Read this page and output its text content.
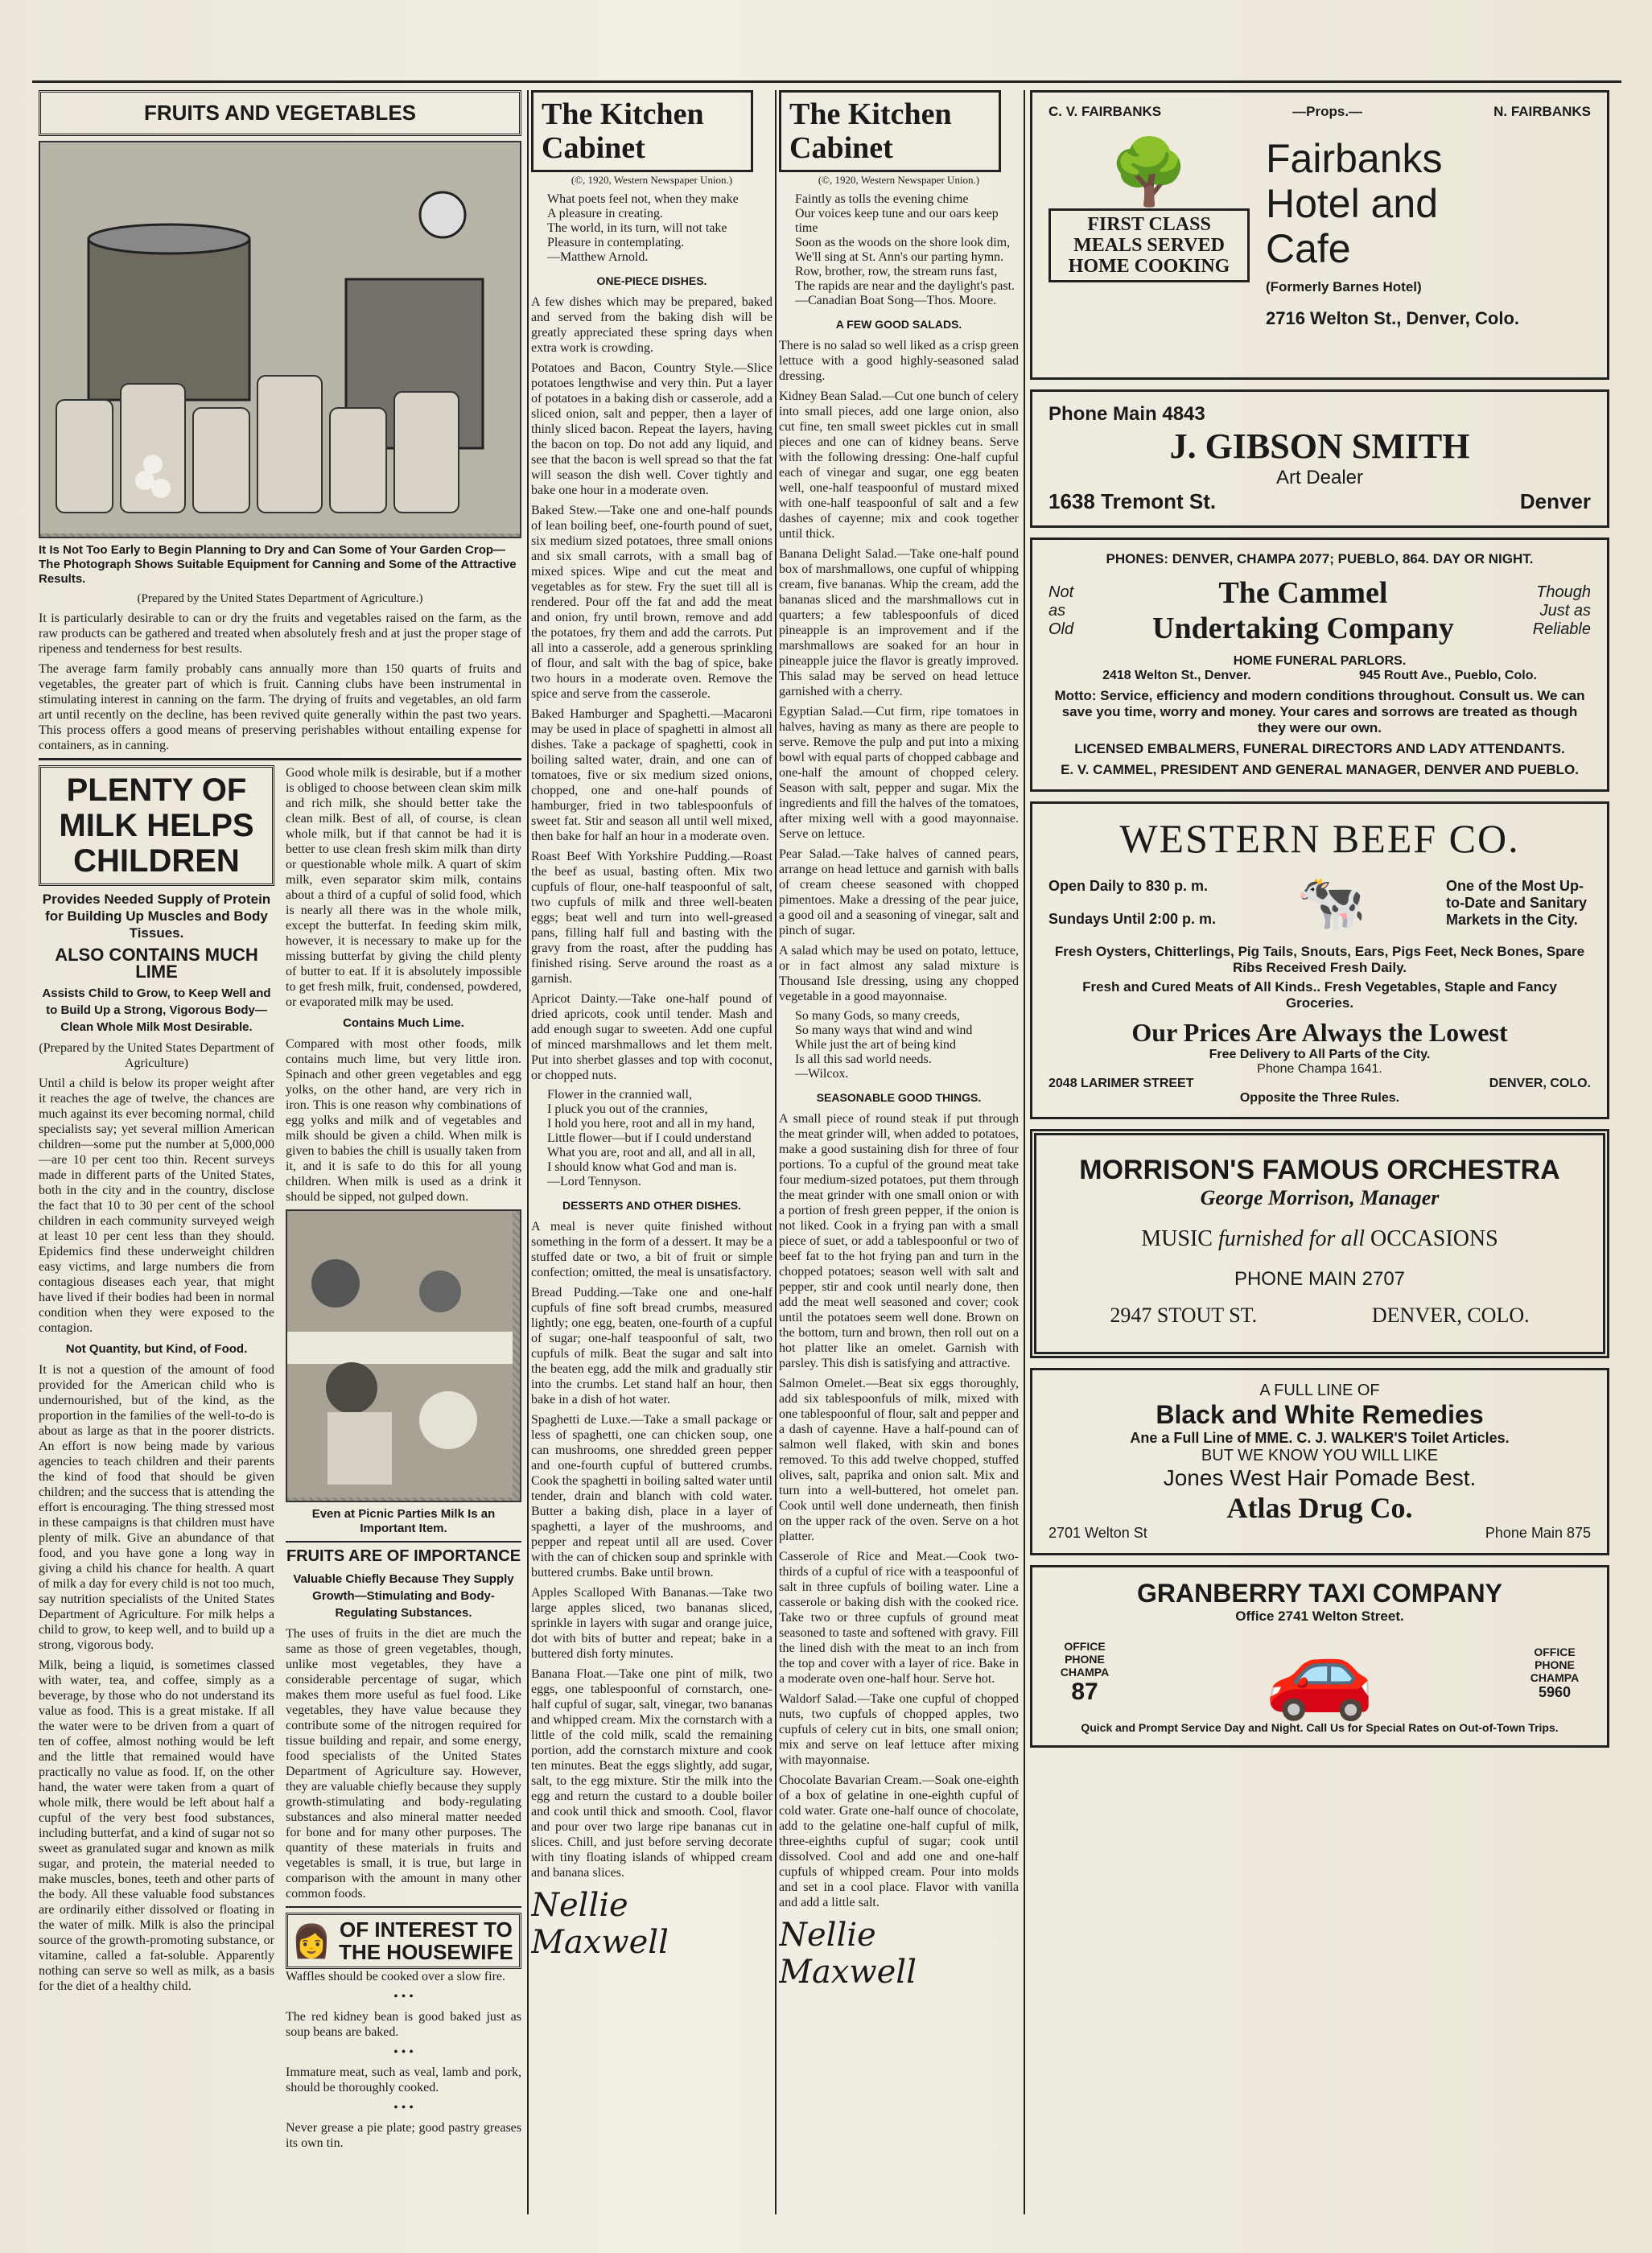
FRUITS AND VEGETABLES
It Is Not Too Early to Begin Planning to Dry and Can Some of Your Garden Crop—The Photograph Shows Suitable Equipment for Canning and Some of the Attractive Results.
(Prepared by the United States Department of Agriculture.)

It is particularly desirable to can or dry the fruits and vegetables raised on the farm, as the raw products can be gathered and treated when absolutely fresh and at just the proper stage of ripeness and tenderness for best results.

The average farm family probably cans annually more than 150 quarts of fruits and vegetables, the greater part of which is fruit. Canning clubs have been instrumental in stimulating interest in canning on the farm. The drying of fruits and vegetables, an old farm art until recently on the decline, has been revived quite generally within the past two years. This process offers a good means of preserving perishables without entailing expense for containers, as in canning.

PLENTY OF MILK HELPS CHILDREN
Provides Needed Supply of Protein for Building Up Muscles and Body Tissues.
ALSO CONTAINS MUCH LIME
Assists Child to Grow, to Keep Well and to Build Up a Strong, Vigorous Body—Clean Whole Milk Most Desirable.

(Prepared by the United States Department of Agriculture)

Until a child is below its proper weight after it reaches the age of twelve, the chances are much against its ever becoming normal, child specialists say; yet several million American children—some put the number at 5,000,000—are 10 per cent too thin. Recent surveys made in different parts of the United States, both in the city and in the country, disclose the fact that 10 to 30 per cent of the school children in each community surveyed weigh at least 10 per cent less than they should. Epidemics find these underweight children easy victims, and large numbers die from contagious diseases each year, that might have lived if their bodies had been in normal condition when they were exposed to the contagion.

Not Quantity, but Kind, of Food.

It is not a question of the amount of food provided for the American child who is undernourished, but of the kind, as the proportion in the families of the well-to-do is about as large as that in the poorer districts. An effort is now being made by various agencies to teach children and their parents the kind of food that should be given children; and the success that is attending the effort is encouraging. The thing stressed most in these campaigns is that children must have plenty of milk. Give an abundance of that food, and you have gone a long way in giving a child his chance for health. A quart of milk a day for every child is not too much, say nutrition specialists of the United States Department of Agriculture. For milk helps a child to grow, to keep well, and to build up a strong, vigorous body.

Milk, being a liquid, is sometimes classed with water, tea, and coffee, simply as a beverage, by those who do not understand its value as food. This is a great mistake. If all the water were to be driven from a quart of ten of coffee, almost nothing would be left and the little that remained would have practically no value as food. If, on the other hand, the water were taken from a quart of whole milk, there would be left about half a cupful of the very best food substances, including butterfat, and a kind of sugar not so sweet as granulated sugar and known as milk sugar, and protein, the material needed to make muscles, bones, teeth and other parts of the body. All these valuable food substances are ordinarily either dissolved or floating in the water of milk. Milk is also the principal source of the growth-promoting substance, or vitamine, called a fat-soluble. Apparently nothing can serve so well as milk, as a basis for the diet of a healthy child.

Good whole milk is desirable, but if a mother is obliged to choose between clean skim milk and rich milk, she should better take the clean milk. Best of all, of course, is clean whole milk, but if that cannot be had it is better to use clean fresh skim milk than dirty or questionable whole milk. A quart of skim milk, even separator skim milk, contains about a third of a cupful of solid food, which is nearly all there was in the whole milk, except the butterfat. In feeding skim milk, however, it is necessary to make up for the missing butterfat by giving the child plenty of butter to eat. If it is absolutely impossible to get fresh milk, fruit, condensed, powdered, or evaporated milk may be used.

Contains Much Lime.

Compared with most other foods, milk contains much lime, but very little iron. Spinach and other green vegetables and egg yolks, on the other hand, are very rich in iron. This is one reason why combinations of egg yolks and milk and of vegetables and milk should be given a child. When milk is given to babies the chill is usually taken from it, and it is safe to do this for all young children. When milk is used as a drink it should be sipped, not gulped down.

Even at Picnic Parties Milk Is an Important Item.
FRUITS ARE OF IMPORTANCE
Valuable Chiefly Because They Supply Growth—Stimulating and Body-Regulating Substances.

The uses of fruits in the diet are much the same as those of green vegetables, though, unlike most vegetables, they have a considerable percentage of sugar, which makes them more useful as fuel food. Like vegetables, they have value because they contribute some of the nitrogen required for tissue building and repair, and some energy, food specialists of the United States Department of Agriculture say. However, they are valuable chiefly because they supply growth-stimulating and body-regulating substances and also mineral matter needed for bone and for many other purposes. The quantity of these materials in fruits and vegetables is small, it is true, but large in comparison with the amount in many other common foods.

👩 OF INTEREST TO THE HOUSEWIFE

Waffles should be cooked over a slow fire.

• • •

The red kidney bean is good baked just as soup beans are baked.

• • •

Immature meat, such as veal, lamb and pork, should be thoroughly cooked.

• • •

Never grease a pie plate; good pastry greases its own tin.

The Kitchen
Cabinet

(©, 1920, Western Newspaper Union.)

What poets feel not, when they make
A pleasure in creating.
The world, in its turn, will not take
Pleasure in contemplating.
—Matthew Arnold.
ONE-PIECE DISHES.

A few dishes which may be prepared, baked and served from the baking dish will be greatly appreciated these spring days when extra work is crowding.

Potatoes and Bacon, Country Style.—Slice potatoes lengthwise and very thin. Put a layer of potatoes in a baking dish or casserole, add a sliced onion, salt and pepper, then a layer of thinly sliced bacon. Repeat the layers, having the bacon on top. Do not add any liquid, and see that the bacon is well spread so that the fat will season the dish well. Cover tightly and bake one hour in a moderate oven.

Baked Stew.—Take one and one-half pounds of lean boiling beef, one-fourth pound of suet, six medium sized potatoes, three small onions and six small carrots, with a small bag of mixed spices. Wipe and cut the meat and vegetables as for stew. Fry the suet till all is rendered. Pour off the fat and add the meat and onion, fry until brown, remove and add the potatoes, fry them and add the carrots. Put all into a casserole, add a generous sprinkling of flour, and salt with the bag of spice, bake two hours in a moderate oven. Remove the spice and serve from the casserole.

Baked Hamburger and Spaghetti.—Macaroni may be used in place of spaghetti in almost all dishes. Take a package of spaghetti, cook in boiling salted water, drain, and one can of tomatoes, five or six medium sized onions, chopped, one and one-half pounds of hamburger, fried in two tablespoonfuls of sweet fat. Stir and season all until well mixed, then bake for half an hour in a moderate oven.

Roast Beef With Yorkshire Pudding.—Roast the beef as usual, basting often. Mix two cupfuls of flour, one-half teaspoonful of salt, two cupfuls of milk and three well-beaten eggs; beat well and turn into well-greased pans, filling half full and basting with the gravy from the roast, after the pudding has finished rising. Serve around the roast as a garnish.

Apricot Dainty.—Take one-half pound of dried apricots, cook until tender. Mash and add enough sugar to sweeten. Add one cupful of minced marshmallows and let them melt. Put into sherbet glasses and top with coconut, or chopped nuts.

Flower in the crannied wall,
I pluck you out of the crannies,
I hold you here, root and all in my hand,
Little flower—but if I could understand
What you are, root and all, and all in all,
I should know what God and man is.
—Lord Tennyson.
DESSERTS AND OTHER DISHES.

A meal is never quite finished without something in the form of a dessert. It may be a stuffed date or two, a bit of fruit or simple confection; omitted, the meal is unsatisfactory.

Bread Pudding.—Take one and one-half cupfuls of fine soft bread crumbs, measured lightly; one egg, beaten, one-fourth of a cupful of sugar; one-half teaspoonful of salt, two cupfuls of milk. Beat the sugar and salt into the beaten egg, add the milk and gradually stir into the crumbs. Let stand half an hour, then bake in a dish of hot water.

Spaghetti de Luxe.—Take a small package or less of spaghetti, one can chicken soup, one can mushrooms, one shredded green pepper and one-fourth cupful of buttered crumbs. Cook the spaghetti in boiling salted water until tender, drain and blanch with cold water. Butter a baking dish, place in a layer of spaghetti, a layer of the mushrooms, and pepper and repeat until all are used. Cover with the can of chicken soup and sprinkle with buttered crumbs. Bake until brown.

Apples Scalloped With Bananas.—Take two large apples sliced, two bananas sliced, sprinkle in layers with sugar and orange juice, dot with bits of butter and repeat; bake in a buttered dish forty minutes.

Banana Float.—Take one pint of milk, two eggs, one tablespoonful of cornstarch, one-half cupful of sugar, salt, vinegar, two bananas and whipped cream. Mix the cornstarch with a little of the cold milk, scald the remaining portion, add the cornstarch mixture and cook ten minutes. Beat the eggs slightly, add sugar, salt, to the egg mixture. Stir the milk into the egg and return the custard to a double boiler and cook until thick and smooth. Cool, flavor and pour over two large ripe bananas cut in slices. Chill, and just before serving decorate with tiny floating islands of whipped cream and banana slices.

Nellie Maxwell
The Kitchen
Cabinet

(©, 1920, Western Newspaper Union.)

Faintly as tolls the evening chime
Our voices keep tune and our oars keep time
Soon as the woods on the shore look dim,
We'll sing at St. Ann's our parting hymn.
Row, brother, row, the stream runs fast,
The rapids are near and the daylight's past.
—Canadian Boat Song—Thos. Moore.
A FEW GOOD SALADS.

There is no salad so well liked as a crisp green lettuce with a good highly-seasoned salad dressing.

Kidney Bean Salad.—Cut one bunch of celery into small pieces, add one large onion, also cut fine, ten small sweet pickles cut in small pieces and one can of kidney beans. Serve with the following dressing: One-half cupful each of vinegar and sugar, one egg beaten well, one-half teaspoonful of mustard mixed with one-half teaspoonful of salt and a few dashes of cayenne; mix and cook together until thick.

Banana Delight Salad.—Take one-half pound box of marshmallows, one cupful of whipping cream, five bananas. Whip the cream, add the bananas sliced and the marshmallows cut in quarters; a few tablespoonfuls of diced pineapple is an improvement and if the marshmallows are soaked for an hour in pineapple juice the flavor is greatly improved. This salad may be served on head lettuce garnished with a cherry.

Egyptian Salad.—Cut firm, ripe tomatoes in halves, having as many as there are people to serve. Remove the pulp and put into a mixing bowl with equal parts of chopped cabbage and one-half the amount of chopped celery. Season with salt, pepper and sugar. Mix the ingredients and fill the halves of the tomatoes, after mixing well with a good mayonnaise. Serve on lettuce.

Pear Salad.—Take halves of canned pears, arrange on head lettuce and garnish with balls of cream cheese seasoned with chopped pimentoes. Make a dressing of the pear juice, a good oil and a seasoning of vinegar, salt and pinch of sugar.

A salad which may be used on potato, lettuce, or in fact almost any salad mixture is Thousand Isle dressing, using any chopped vegetable in a good mayonnaise.

So many Gods, so many creeds,
So many ways that wind and wind
While just the art of being kind
Is all this sad world needs.
—Wilcox.
SEASONABLE GOOD THINGS.

A small piece of round steak if put through the meat grinder will, when added to potatoes, make a good sustaining dish for three of four portions. To a cupful of the ground meat take four medium-sized potatoes, put them through the meat grinder with one small onion or with a portion of fresh green pepper, if the onion is not liked. Cook in a frying pan with a small piece of suet, or add a tablespoonful or two of beef fat to the hot frying pan and turn in the chopped potatoes; season well with salt and pepper, stir and cook until nearly done, then add the meat well seasoned and cover; cook until the potatoes seem well done. Brown on the bottom, turn and brown, then roll out on a hot platter like an omelet. Garnish with parsley. This dish is satisfying and attractive.

Salmon Omelet.—Beat six eggs thoroughly, add six tablespoonfuls of milk, mixed with one tablespoonful of flour, salt and pepper and a dash of cayenne. Have a half-pound can of salmon well flaked, with skin and bones removed. To this add twelve chopped, stuffed olives, salt, paprika and onion salt. Mix and turn into a well-buttered, hot omelet pan. Cook until well done underneath, then finish on the upper rack of the oven. Serve on a hot platter.

Casserole of Rice and Meat.—Cook two-thirds of a cupful of rice with a teaspoonful of salt in three cupfuls of boiling water. Line a casserole or baking dish with the cooked rice. Take two or three cupfuls of ground meat seasoned to taste and softened with gravy. Fill the lined dish with the meat to an inch from the top and cover with a layer of rice. Bake in a moderate oven one-half hour. Serve hot.

Waldorf Salad.—Take one cupful of chopped nuts, two cupfuls of chopped apples, two cupfuls of celery cut in bits, one small onion; mix and serve on leaf lettuce after mixing with mayonnaise.

Chocolate Bavarian Cream.—Soak one-eighth of a box of gelatine in one-eighth cupful of cold water. Grate one-half ounce of chocolate, add to the gelatine one-half cupful of milk, three-eighths cupful of sugar; cook until dissolved. Cool and add one and one-half cupfuls of whipped cream. Pour into molds and set in a cool place. Flavor with vanilla and add a little salt.

Nellie Maxwell
C. V. FAIRBANKS	—Props.—	N. FAIRBANKS
🌳
FIRST CLASS
MEALS SERVED
HOME COOKING
Fairbanks
Hotel and
Cafe
(Formerly Barnes Hotel)
2716 Welton St., Denver, Colo.
Phone Main 4843
J. GIBSON SMITH
Art Dealer
1638 Tremont St.	Denver
PHONES: DENVER, CHAMPA 2077; PUEBLO, 864. DAY OR NIGHT.
Not
as
Old
The Cammel
Undertaking Company
Though
Just as
Reliable
HOME FUNERAL PARLORS.
2418 Welton St., Denver.	945 Routt Ave., Pueblo, Colo.
Motto: Service, efficiency and modern conditions throughout. Consult us. We can save you time, worry and money. Your cares and sorrows are treated as though they were our own.
LICENSED EMBALMERS, FUNERAL DIRECTORS AND LADY ATTENDANTS.
E. V. CAMMEL, PRESIDENT AND GENERAL MANAGER, DENVER AND PUEBLO.
WESTERN BEEF CO.
Open Daily to 830 p. m.
Sundays Until 2:00 p. m. 🐄	One of the Most Up-to-Date and Sanitary Markets in the City.
Fresh Oysters, Chitterlings, Pig Tails, Snouts, Ears, Pigs Feet, Neck Bones, Spare Ribs Received Fresh Daily.
Fresh and Cured Meats of All Kinds.. Fresh Vegetables, Staple and Fancy Groceries.
Our Prices Are Always the Lowest
Free Delivery to All Parts of the City.
Phone Champa 1641.
2048 LARIMER STREET	DENVER, COLO.
Opposite the Three Rules.
MORRISON'S FAMOUS ORCHESTRA
George Morrison, Manager
MUSIC furnished for all OCCASIONS
PHONE MAIN 2707
2947 STOUT ST.	DENVER, COLO.
A FULL LINE OF
Black and White Remedies
Ane a Full Line of MME. C. J. WALKER'S Toilet Articles.
BUT WE KNOW YOU WILL LIKE
Jones West Hair Pomade Best.
Atlas Drug Co.
2701 Welton St	Phone Main 875
GRANBERRY TAXI COMPANY
Office 2741 Welton Street.
OFFICE PHONE CHAMPA
87 🚗	OFFICE PHONE CHAMPA
5960
Quick and Prompt Service Day and Night. Call Us for Special Rates on Out-of-Town Trips.
